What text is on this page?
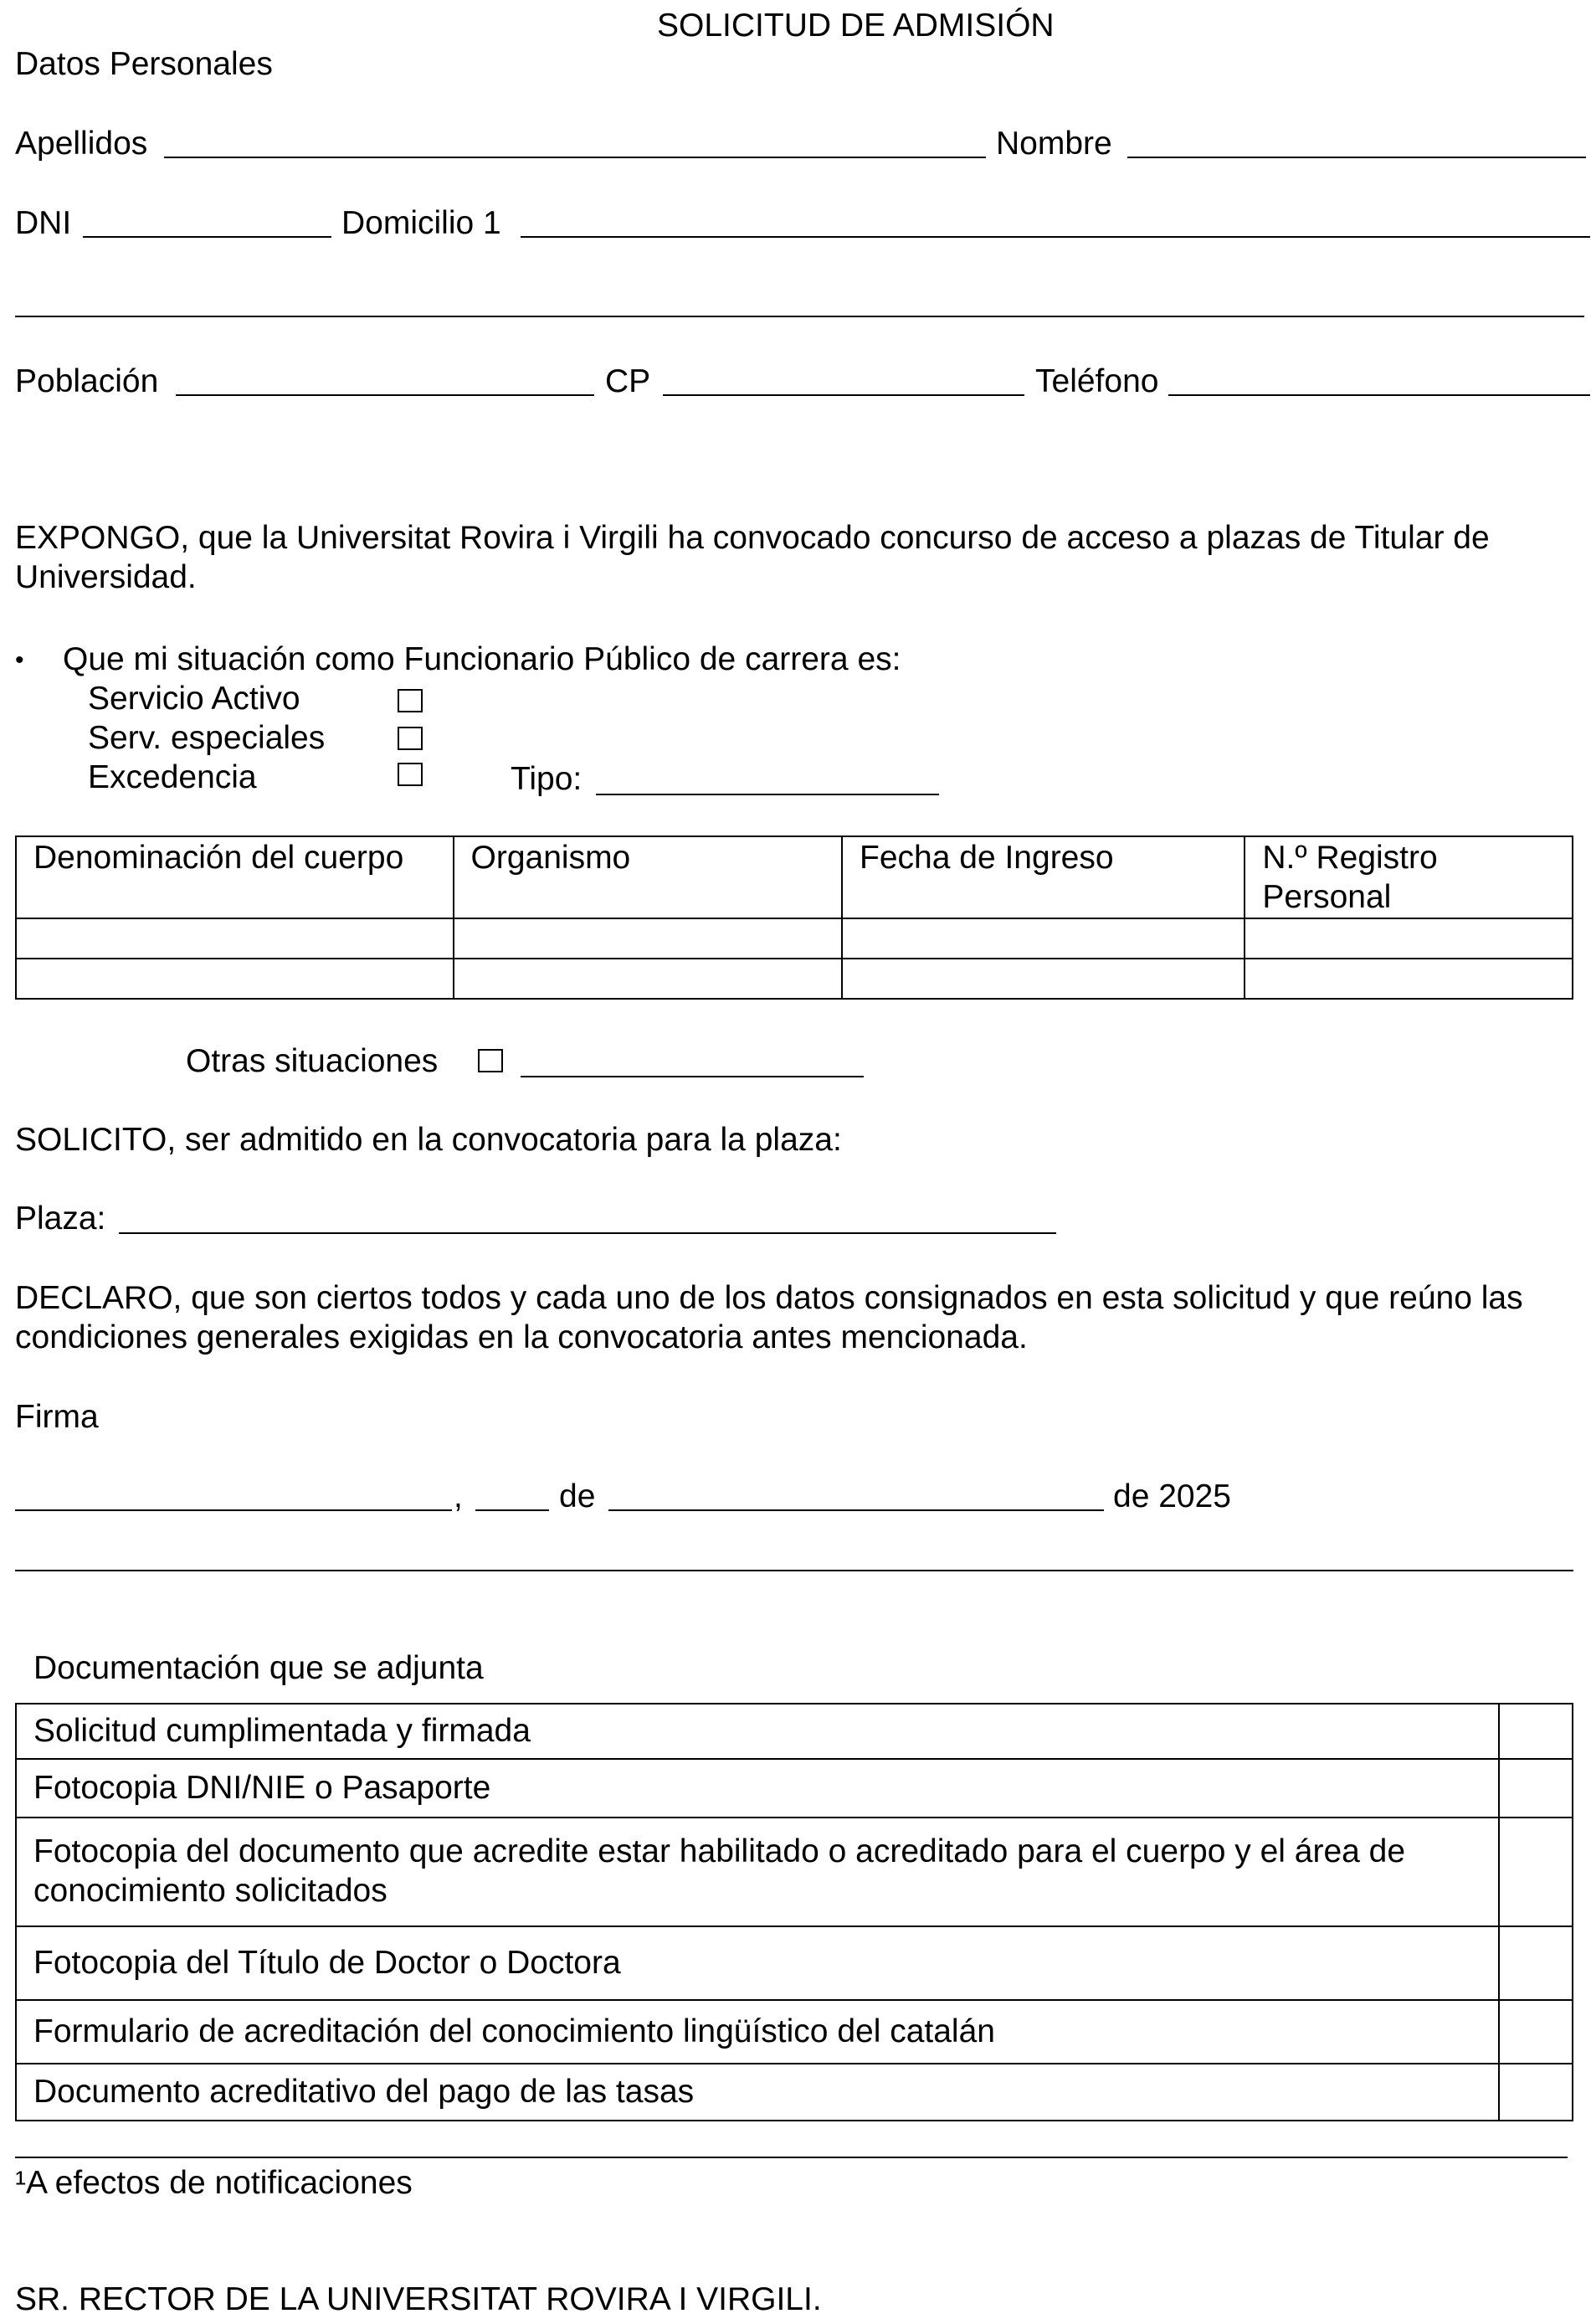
SOLICITUD DE ADMISIÓN
Datos Personales
Apellidos	Nombre
DNI	Domicilio 1
Población	CP	Teléfono
EXPONGO, que la Universitat Rovira i Virgili ha convocado concurso de acceso a plazas de Titular de Universidad.
• Que mi situación como Funcionario Público de carrera es:
Servicio Activo
Serv. especiales
Excedencia	Tipo:
Denominación del cuerpo	Organismo	Fecha de Ingreso	N.º Registro Personal

Otras situaciones
SOLICITO, ser admitido en la convocatoria para la plaza:
Plaza:
DECLARO, que son ciertos todos y cada uno de los datos consignados en esta solicitud y que reúno las condiciones generales exigidas en la convocatoria antes mencionada.
Firma
,	de	de 2025
Documentación que se adjunta
Solicitud cumplimentada y firmada	
Fotocopia DNI/NIE o Pasaporte	
Fotocopia del documento que acredite estar habilitado o acreditado para el cuerpo y el área de conocimiento solicitados	
Fotocopia del Título de Doctor o Doctora	
Formulario de acreditación del conocimiento lingüístico del catalán	
Documento acreditativo del pago de las tasas	
¹A efectos de notificaciones
SR. RECTOR DE LA UNIVERSITAT ROVIRA I VIRGILI.
